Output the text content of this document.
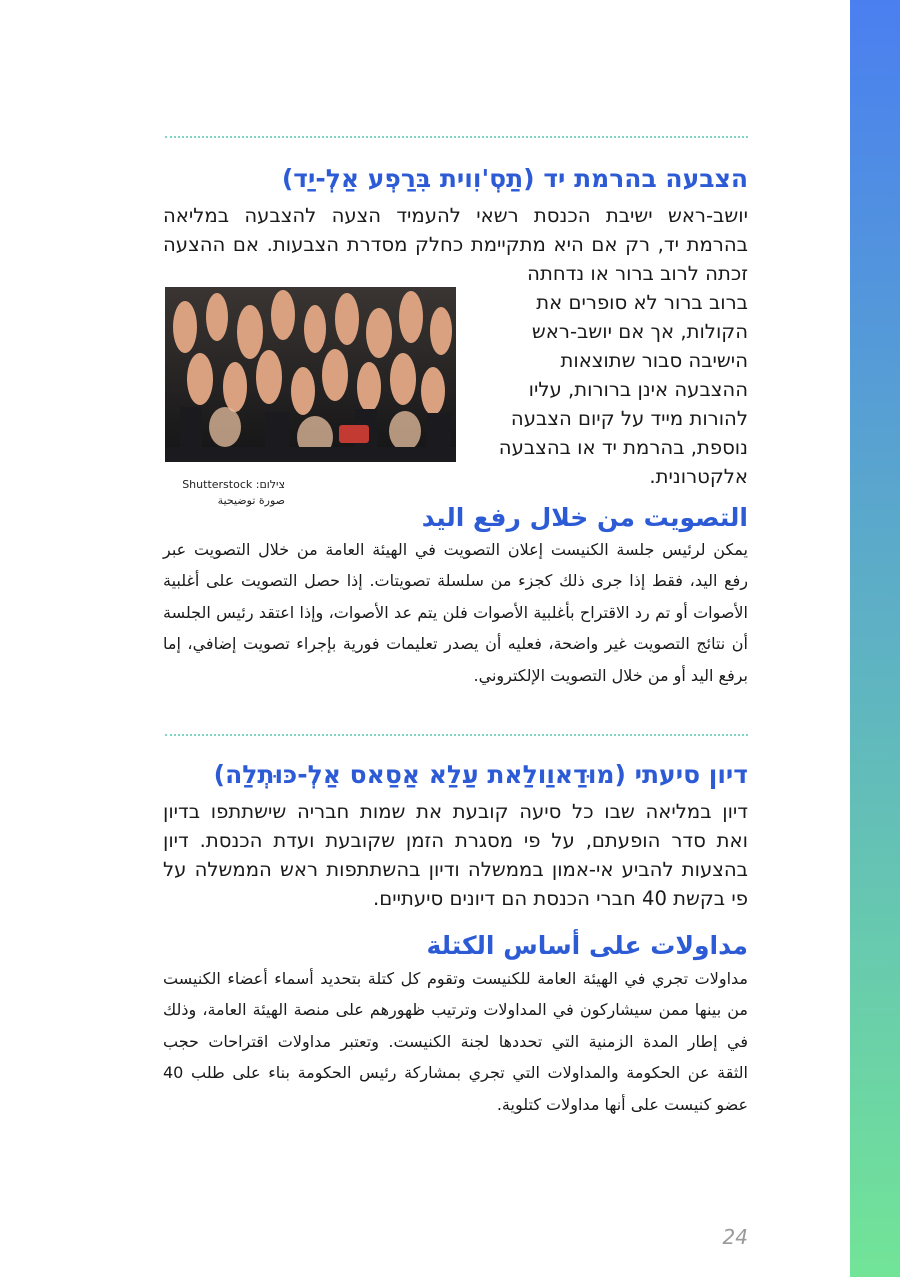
הצבעה בהרמת יד (תַסְ'וִוית בִּרַפְע אַלְ-יַד)

יושב-ראש ישיבת הכנסת רשאי להעמיד הצעה להצבעה במליאה

בהרמת יד, רק אם היא מתקיימת כחלק מסדרת הצבעות. אם ההצעה

זכתה לרוב ברור או נדחתה

ברוב ברור לא סופרים את

הקולות, אך אם יושב-ראש

הישיבה סבור שתוצאות

ההצבעה אינן ברורות, עליו

להורות מייד על קיום הצבעה

נוספת, בהרמת יד או בהצבעה

אלקטרונית.

צילום: Shutterstock
صورة توضيحية
التصويت من خلال رفع اليد

يمكن لرئيس جلسة الكنيست إعلان التصويت في الهيئة العامة من خلال التصويت عبر

رفع اليد، فقط إذا جرى ذلك كجزء من سلسلة تصويتات. إذا حصل التصويت على أغلبية

الأصوات أو تم رد الاقتراح بأغلبية الأصوات فلن يتم عد الأصوات، وإذا اعتقد رئيس الجلسة

أن نتائج التصويت غير واضحة، فعليه أن يصدر تعليمات فورية بإجراء تصويت إضافي، إما

برفع اليد أو من خلال التصويت الإلكتروني.

דיון סיעתי (מוּדַאוַולַאת עַלַא אַסַאס אַלְ-כּוּתְלַה)

דיון במליאה שבו כל סיעה קובעת את שמות חבריה שישתתפו בדיון

ואת סדר הופעתם, על פי מסגרת הזמן שקובעת ועדת הכנסת. דיון

בהצעות להביע אי-אמון בממשלה ודיון בהשתתפות ראש הממשלה על

פי בקשת 40 חברי הכנסת הם דיונים סיעתיים.

مداولات على أساس الكتلة

مداولات تجري في الهيئة العامة للكنيست وتقوم كل كتلة بتحديد أسماء أعضاء الكنيست

من بينها ممن سيشاركون في المداولات وترتيب ظهورهم على منصة الهيئة العامة، وذلك

في إطار المدة الزمنية التي تحددها لجنة الكنيست. وتعتبر مداولات اقتراحات حجب

الثقة عن الحكومة والمداولات التي تجري بمشاركة رئيس الحكومة بناء على طلب 40

عضو كنيست على أنها مداولات كتلوية.

24
